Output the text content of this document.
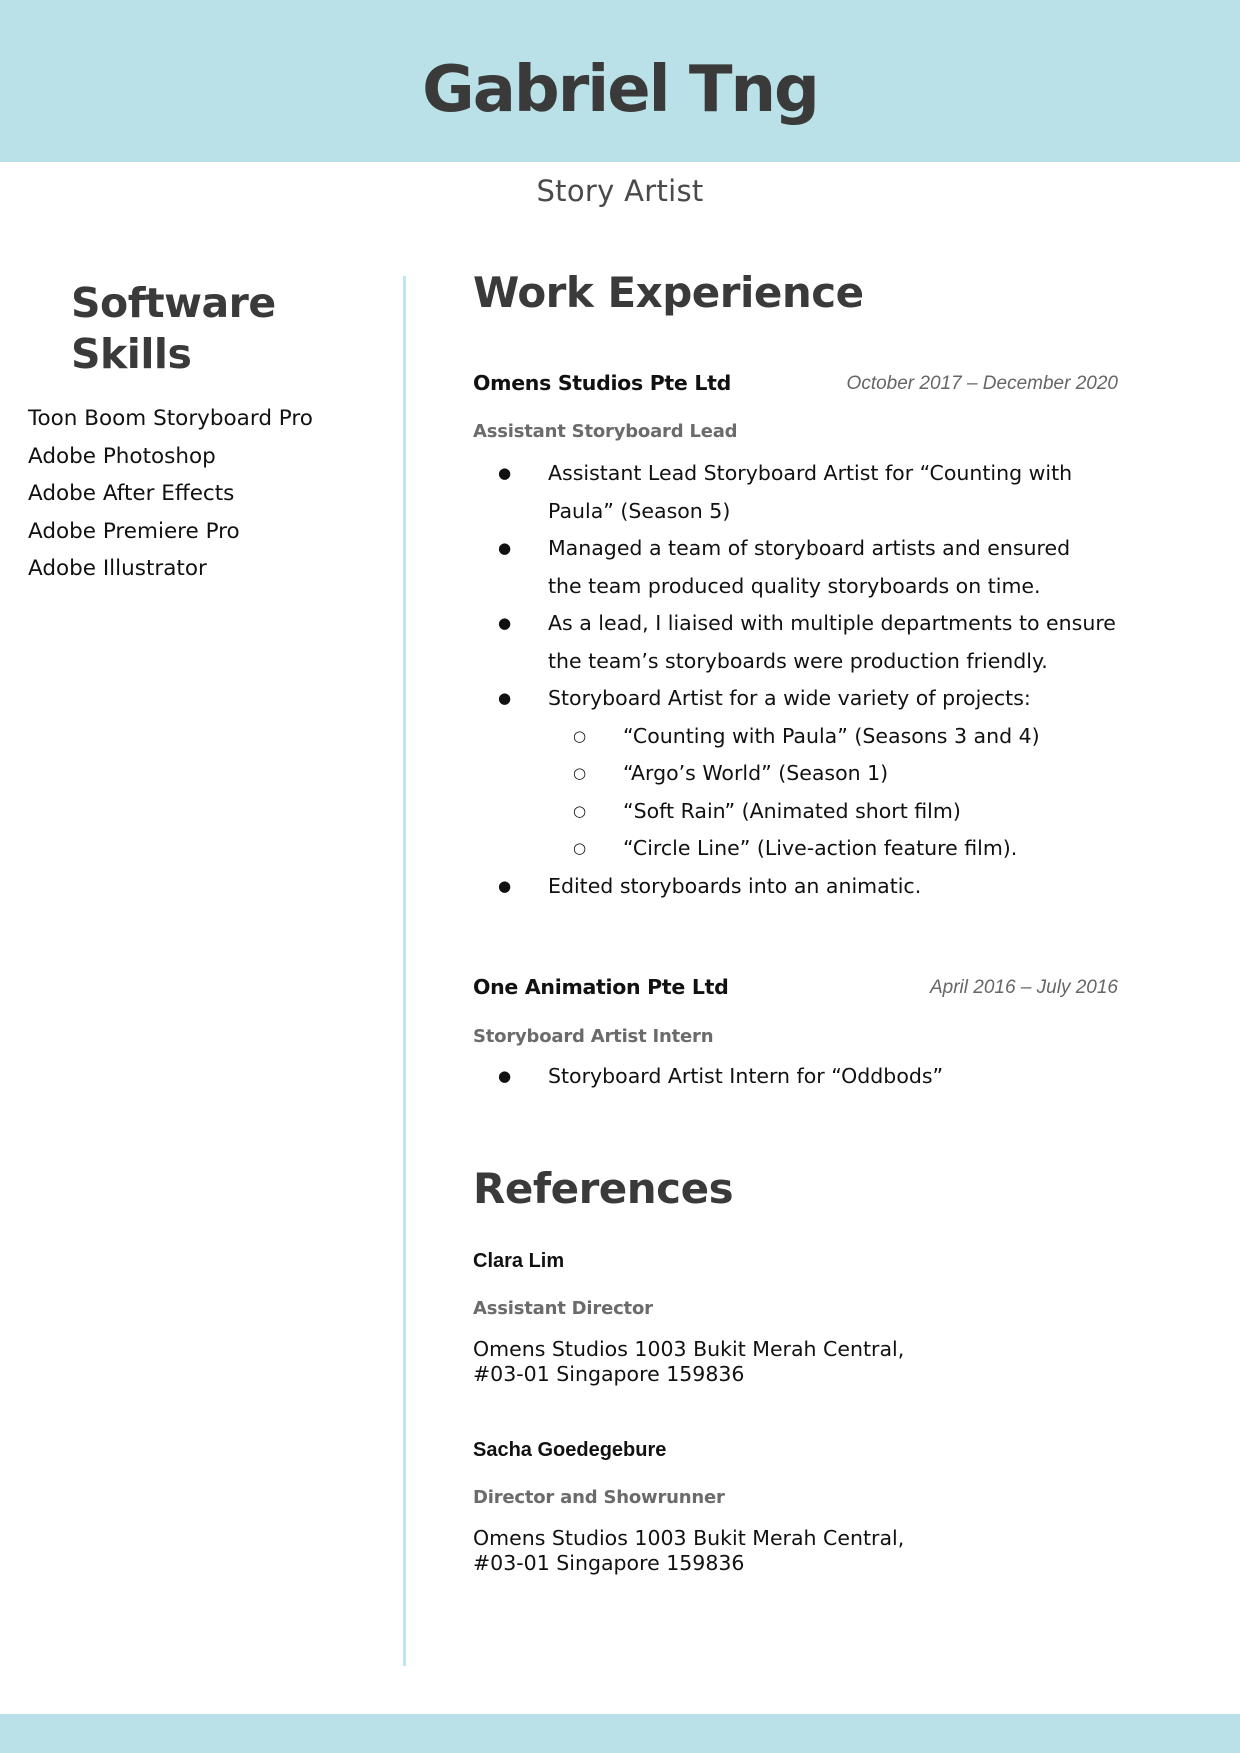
Gabriel Tng
Story Artist
Software
Skills
Toon Boom Storyboard Pro
Adobe Photoshop
Adobe After Effects
Adobe Premiere Pro
Adobe Illustrator
Work Experience
Omens Studios Pte Ltd	October 2017 – December 2020
Assistant Storyboard Lead
● Assistant Lead Storyboard Artist for “Counting with
Paula” (Season 5)
● Managed a team of storyboard artists and ensured
the team produced quality storyboards on time.
● As a lead, I liaised with multiple departments to ensure
the team’s storyboards were production friendly.
● Storyboard Artist for a wide variety of projects:
○ “Counting with Paula” (Seasons 3 and 4)
○ “Argo’s World” (Season 1)
○ “Soft Rain” (Animated short film)
○ “Circle Line” (Live-action feature film).
● Edited storyboards into an animatic.
One Animation Pte Ltd	April 2016 – July 2016
Storyboard Artist Intern
● Storyboard Artist Intern for “Oddbods”
References
Clara Lim
Assistant Director
Omens Studios 1003 Bukit Merah Central,
#03-01 Singapore 159836
Sacha Goedegebure
Director and Showrunner
Omens Studios 1003 Bukit Merah Central,
#03-01 Singapore 159836
